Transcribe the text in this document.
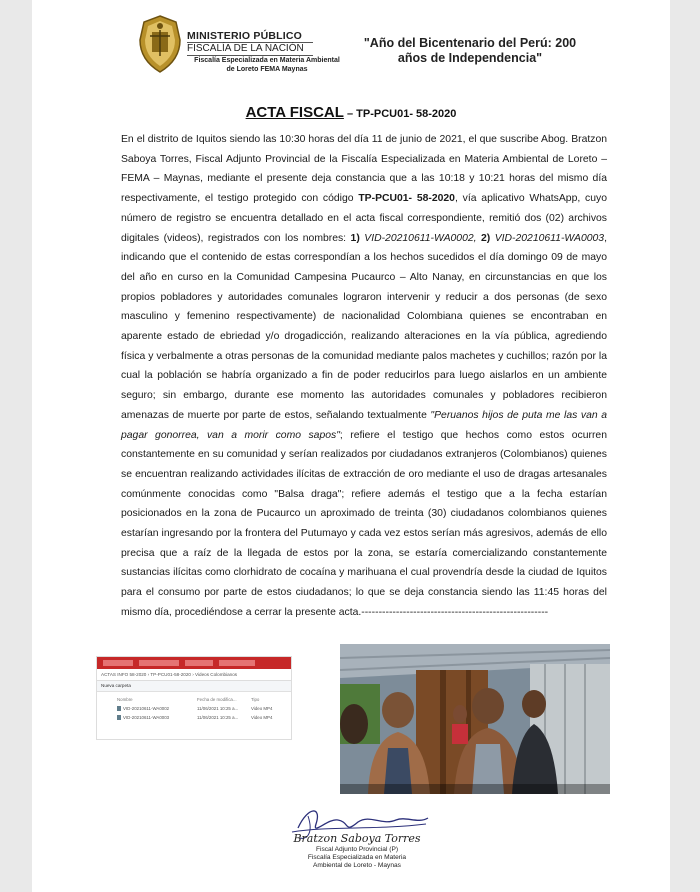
MINISTERIO PÚBLICO
FISCALÍA DE LA NACIÓN
Fiscalía Especializada en Materia Ambiental
de Loreto FEMA Maynas
"Año del Bicentenario del Perú: 200
años de Independencia"
ACTA FISCAL – TP-PCU01- 58-2020
En el distrito de Iquitos siendo las 10:30 horas del día 11 de junio de 2021, el que suscribe Abog. Bratzon Saboya Torres, Fiscal Adjunto Provincial de la Fiscalía Especializada en Materia Ambiental de Loreto – FEMA – Maynas, mediante el presente deja constancia que a las 10:18 y 10:21 horas del mismo día respectivamente, el testigo protegido con código TP-PCU01- 58-2020, vía aplicativo WhatsApp, cuyo número de registro se encuentra detallado en el acta fiscal correspondiente, remitió dos (02) archivos digitales (videos), registrados con los nombres: 1) VID-20210611-WA0002, 2) VID-20210611-WA0003, indicando que el contenido de estas correspondían a los hechos sucedidos el día domingo 09 de mayo del año en curso en la Comunidad Campesina Pucaurco – Alto Nanay, en circunstancias en que los propios pobladores y autoridades comunales lograron intervenir y reducir a dos personas (de sexo masculino y femenino respectivamente) de nacionalidad Colombiana quienes se encontraban en aparente estado de ebriedad y/o drogadicción, realizando alteraciones en la vía pública, agrediendo física y verbalmente a otras personas de la comunidad mediante palos machetes y cuchillos; razón por la cual la población se habría organizado a fin de poder reducirlos para luego aislarlos en un ambiente seguro; sin embargo, durante ese momento las autoridades comunales y pobladores recibieron amenazas de muerte por parte de estos, señalando textualmente "Peruanos hijos de puta me las van a pagar gonorrea, van a morir como sapos"; refiere el testigo que hechos como estos ocurren constantemente en su comunidad y serían realizados por ciudadanos extranjeros (Colombianos) quienes se encuentran realizando actividades ilícitas de extracción de oro mediante el uso de dragas artesanales comúnmente conocidas como "Balsa draga"; refiere además el testigo que a la fecha estarían posicionados en la zona de Pucaurco un aproximado de treinta (30) ciudadanos colombianos quienes estarían ingresando por la frontera del Putumayo y cada vez estos serían más agresivos, además de ello precisa que a raíz de la llegada de estos por la zona, se estaría comercializando constantemente sustancias ilícitas como clorhidrato de cocaína y marihuana el cual provendría desde la ciudad de Iquitos para el consumo por parte de estos ciudadanos; lo que se deja constancia siendo las 11:45 horas del mismo día, procediéndose a cerrar la presente acta.------------------------------------------------------
ACTAS INFO 58-2020 › TP-PCU01-58-2020 › Videos Colombianos
Nueva carpeta
Nombre	Fecha de modifica...	Tipo
VID-20210611-WA0002	11/06/2021 10:25 a...	Video MP4
VID-20210611-WA0003	11/06/2021 10:25 a...	Video MP4
Bratzon Saboya Torres
Fiscal Adjunto Provincial (P)
Fiscalía Especializada en Materia
Ambiental de Loreto - Maynas
